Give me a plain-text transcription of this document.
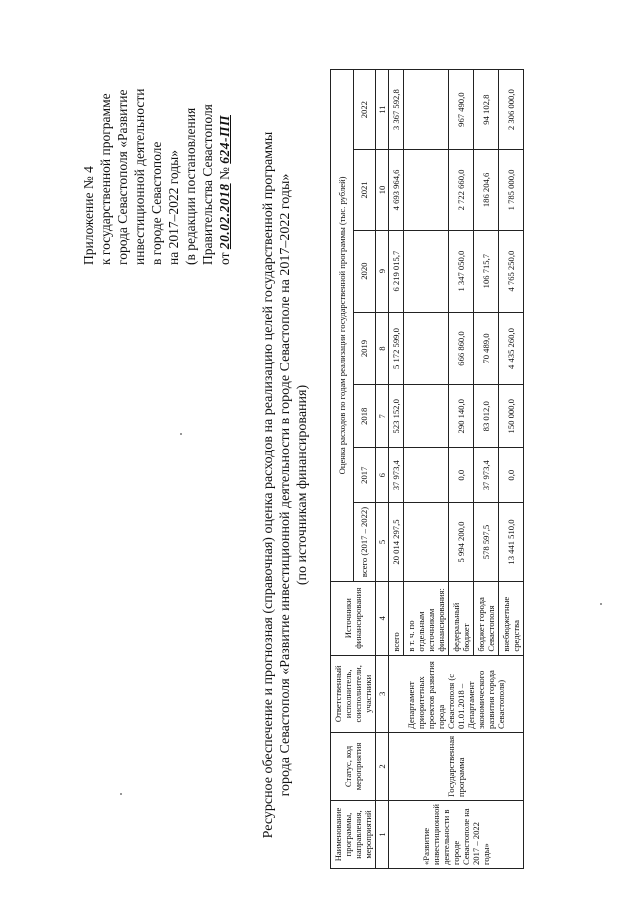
Приложение № 4 к государственной программе города Севастополя «Развитие инвестиционной деятельности в городе Севастополе на 2017–2022 годы» (в редакции постановления Правительства Севастополя от 20.02.2018 № 624-ПП Ресурсное обеспечение и прогнозная (справочная) оценка расходов на реализацию целей государственной программы города Севастополя «Развитие инвестиционной деятельности в городе Севастополе на 2017–2022 годы» (по источникам финансирования)
Наименование программы, направления, мероприятий	Статус, код мероприятия	Ответственный исполнитель, соисполнители, участники	Источники финансирования	Оценка расходов по годам реализации государственной программы (тыс. рублей)						
				всего (2017 – 2022)	2017	2018	2019	2020	2021	2022
1	2	3	4	5	6	7	8	9	10	11
«Развитие инвестиционной деятельности в городе Севастополе на 2017 – 2022 годы»	Государственная программа	Департамент приоритетных проектов развития города Севастополя (с 01.01.2018 – Департамент экономического развития города Севастополя)	всего	20 014 297,5	37 973,4	523 152,0	5 172 599,0	6 219 015,7	4 693 964,6	3 367 592,8
			в т. ч. по отдельным источникам финансирования:							
			федеральный бюджет	5 994 200,0	0,0	290 140,0	666 860,0	1 347 050,0	2 722 660,0	967 490,0
			бюджет города Севастополя	578 597,5	37 973,4	83 012,0	70 489,0	106 715,7	186 204,6	94 102,8
			внебюджетные средства	13 441 510,0	0,0	150 000,0	4 435 260,0	4 765 250,0	1 785 000,0	2 306 000,0
